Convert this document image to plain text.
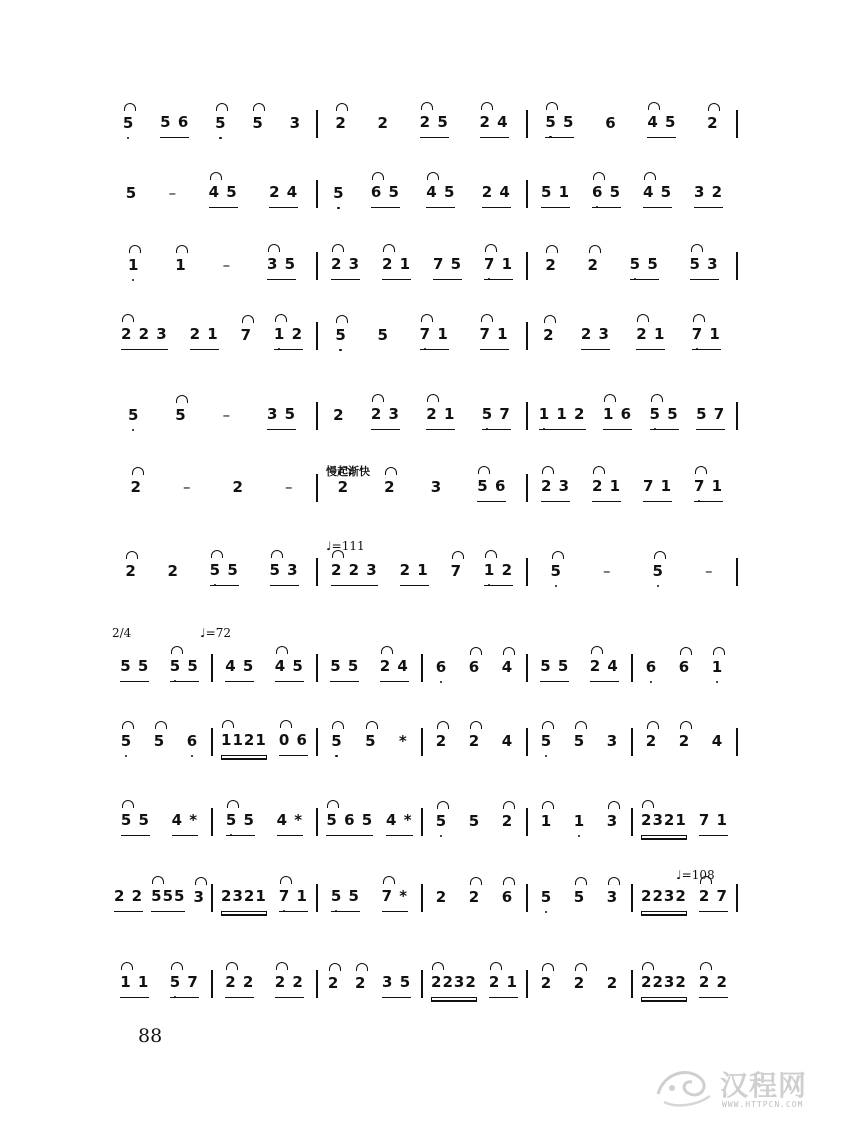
2/4	♩=72
♩=111
♩=108
慢起渐快
5 5 6 5 5 3 2 2 2 5 2 4 5 5 6 4 5 2
5 – 4 5 2 4 5 6 5 4 5 2 4 5 1 6 5 4 5 3 2
1 1 – 3 5 2 3 2 1 7 5 7 1 2 2 5 5 5 3
2 2 3 2 1 7 1 2 5 5 7 1 7 1 2 2 3 2 1 7 1
5 5 – 3 5 2 2 3 2 1 5 7 1 1 2 1 6 5 5 5 7
2	–	2	–	2 2 3 5 6 2 3 2 1 7 1 7 1
2 2 5 5 5 3 2 2 3 2 1 7 1 2 5	–	5	–
5 5 5 5 4 5 4 5 5 5 2 4 6 6 4 5 5 2 4 6 6 1
5 5 6 1121 0 6 5 5 * 2 2 4 5 5 3 2 2 4
5 5 4 * 5 5 4 * 5 6 5 4 * 5 5 2 1 1 3 2321 7 1
2 2 555 3 2321 7 1 5 5 7 * 2 2 6 5 5 3 2232 2 7
1 1 5 7 2 2 2 2 2 2 3 5 2232 2 1 2 2 2 2232 2 2
88
汉程网
WWW.HTTPCN.COM
